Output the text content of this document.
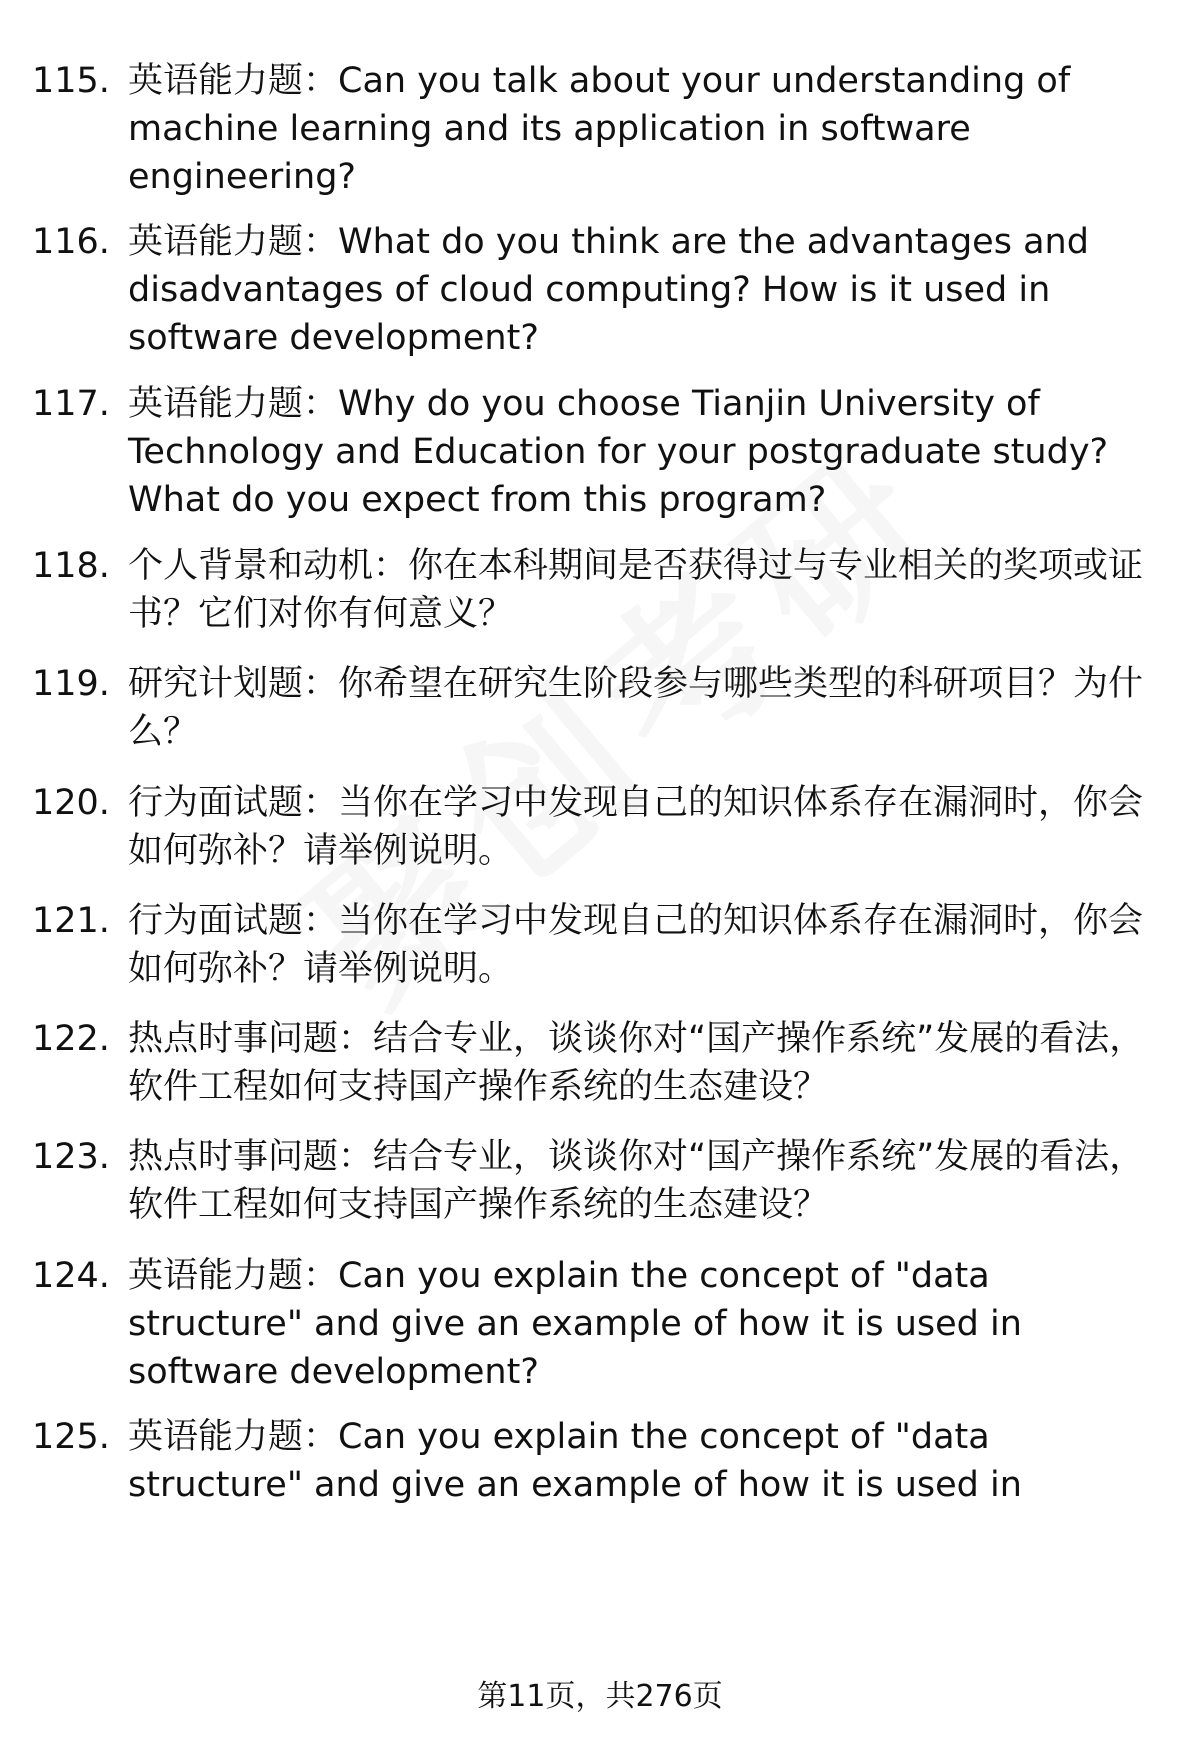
115. 英语能力题：Can you talk about your understanding of machine learning and its application in software engineering?
116. 英语能力题：What do you think are the advantages and disadvantages of cloud computing? How is it used in software development?
117. 英语能力题：Why do you choose Tianjin University of Technology and Education for your postgraduate study? What do you expect from this program?
118. 个人背景和动机：你在本科期间是否获得过与专业相关的奖项或证书？它们对你有何意义？
119. 研究计划题：你希望在研究生阶段参与哪些类型的科研项目？为什么？
120. 行为面试题：当你在学习中发现自己的知识体系存在漏洞时，你会如何弥补？请举例说明。
121. 行为面试题：当你在学习中发现自己的知识体系存在漏洞时，你会如何弥补？请举例说明。
122. 热点时事问题：结合专业，谈谈你对“国产操作系统”发展的看法，软件工程如何支持国产操作系统的生态建设？
123. 热点时事问题：结合专业，谈谈你对“国产操作系统”发展的看法，软件工程如何支持国产操作系统的生态建设？
124. 英语能力题：Can you explain the concept of "data structure" and give an example of how it is used in software development?
125. 英语能力题：Can you explain the concept of "data structure" and give an example of how it is used in
第11页，共276页
